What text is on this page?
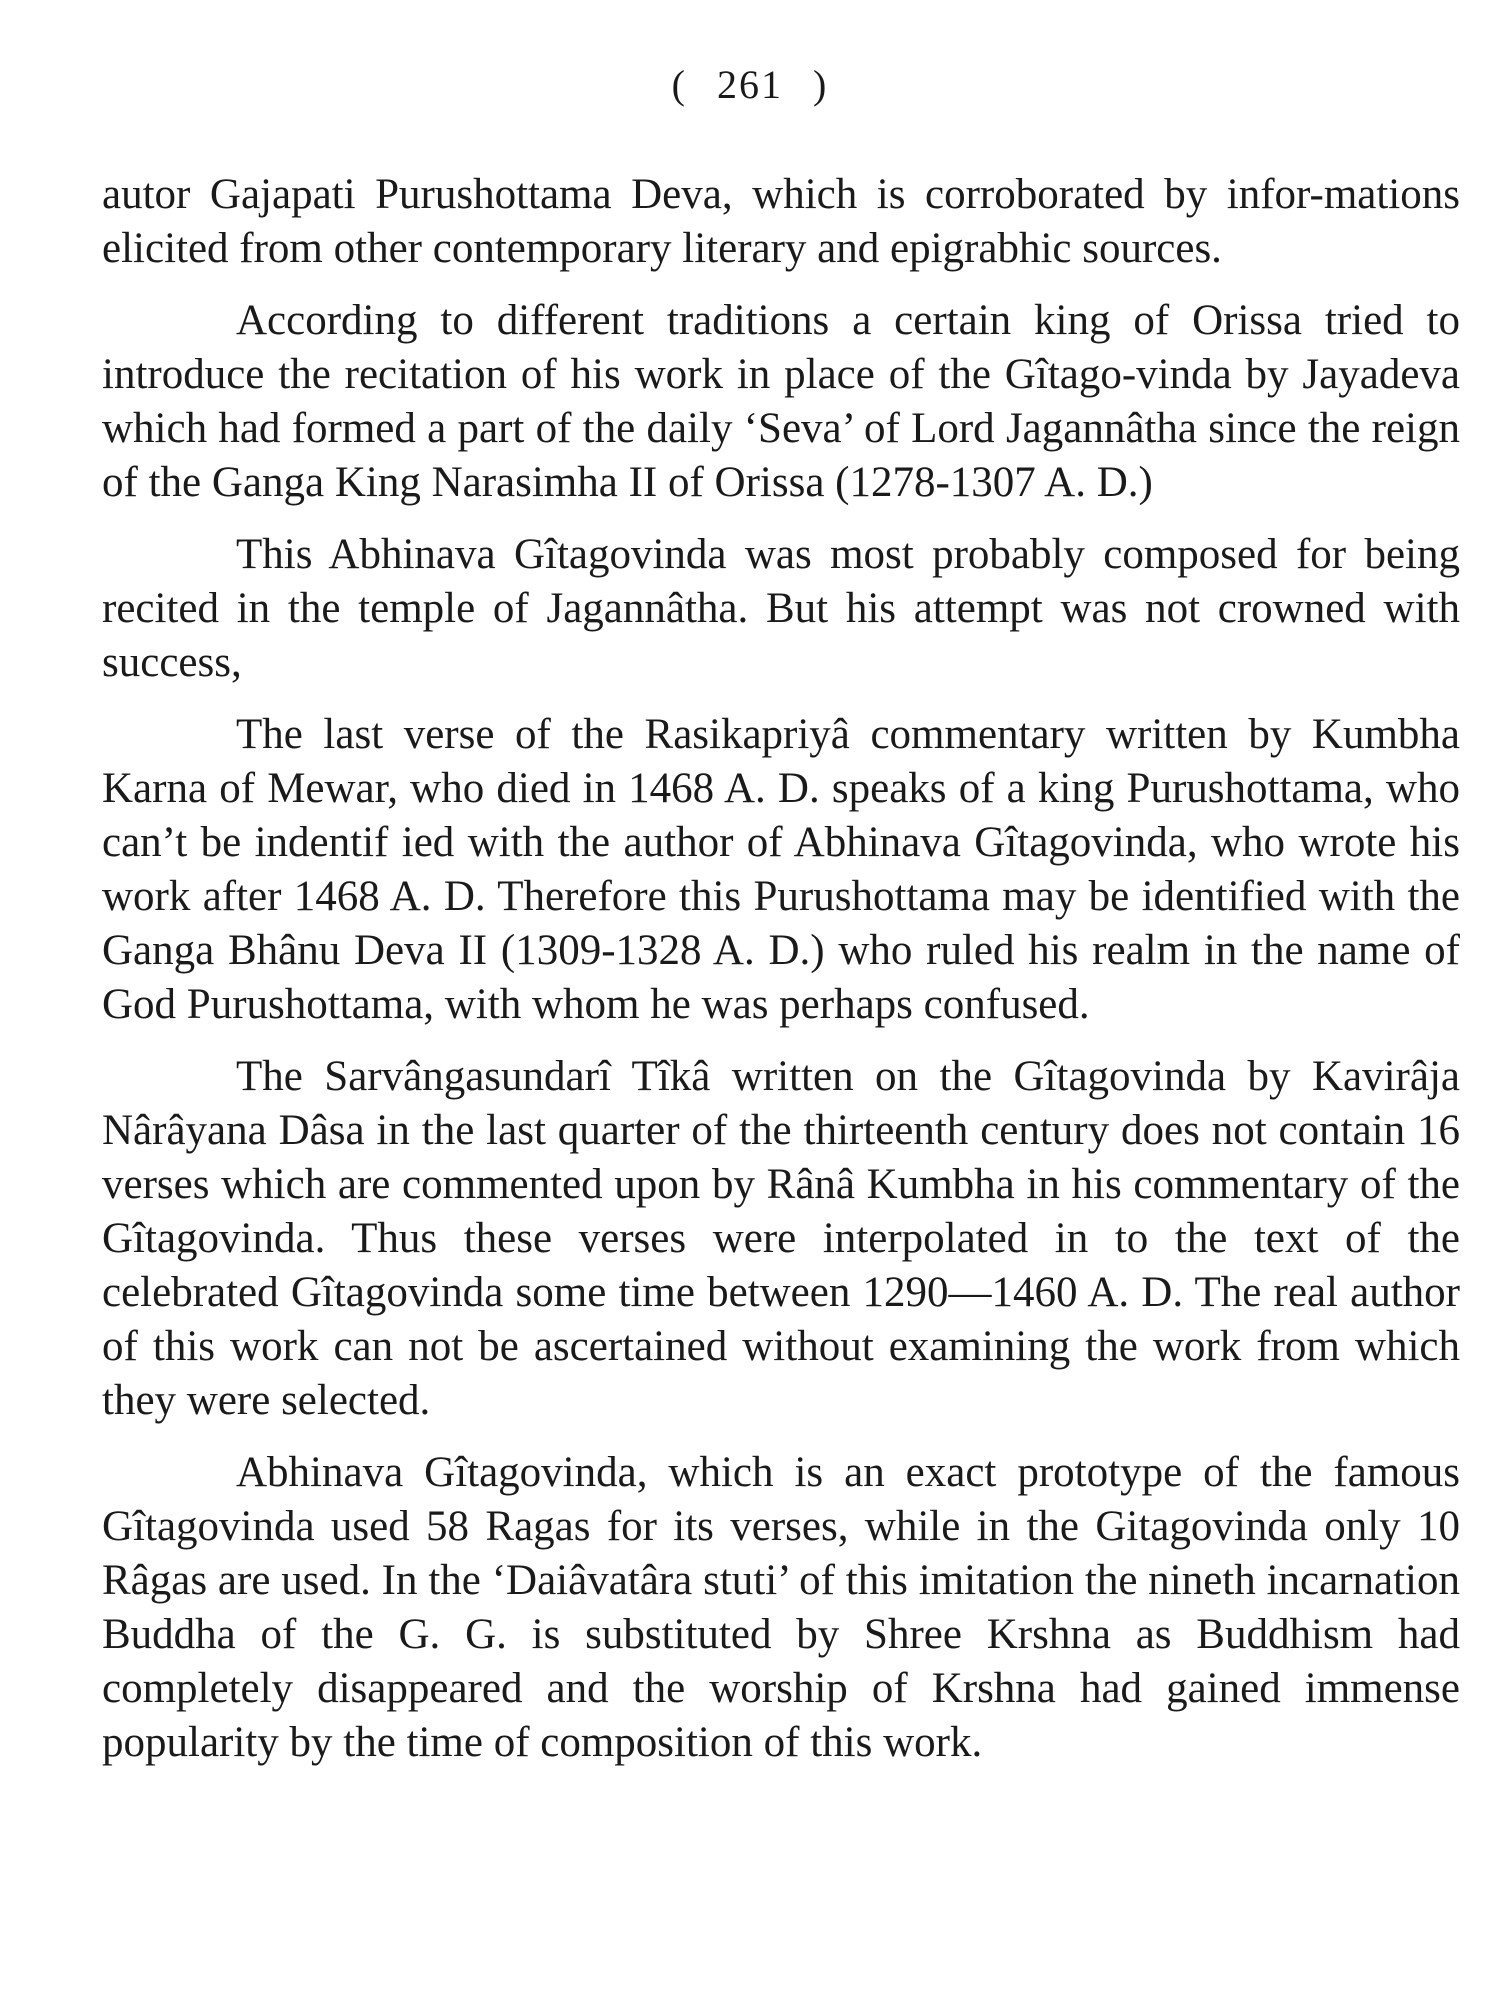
( 261 )

autor Gajapati Purushottama Deva, which is corroborated by infor-mations elicited from other contemporary literary and epigrabhic sources.

According to different traditions a certain king of Orissa tried to introduce the recitation of his work in place of the Gîtago-vinda by Jayadeva which had formed a part of the daily ‘Seva’ of Lord Jagannâtha since the reign of the Ganga King Narasimha II of Orissa (1278-1307 A. D.)

This Abhinava Gîtagovinda was most probably composed for being recited in the temple of Jagannâtha. But his attempt was not crowned with success,

The last verse of the Rasikapriyâ commentary written by Kumbha Karna of Mewar, who died in 1468 A. D. speaks of a king Purushottama, who can’t be indentif ied with the author of Abhinava Gîtagovinda, who wrote his work after 1468 A. D. Therefore this Purushottama may be identified with the Ganga Bhânu Deva II (1309-1328 A. D.) who ruled his realm in the name of God Purushottama, with whom he was perhaps confused.

The Sarvângasundarî Tîkâ written on the Gîtagovinda by Kavirâja Nârâyana Dâsa in the last quarter of the thirteenth century does not contain 16 verses which are commented upon by Rânâ Kumbha in his commentary of the Gîtagovinda. Thus these verses were interpolated in to the text of the celebrated Gîtagovinda some time between 1290—1460 A. D. The real author of this work can not be ascertained without examining the work from which they were selected.

Abhinava Gîtagovinda, which is an exact prototype of the famous Gîtagovinda used 58 Ragas for its verses, while in the Gitagovinda only 10 Râgas are used. In the ‘Daiâvatâra stuti’ of this imitation the nineth incarnation Buddha of the G. G. is substituted by Shree Krshna as Buddhism had completely disappeared and the worship of Krshna had gained immense popularity by the time of composition of this work.
